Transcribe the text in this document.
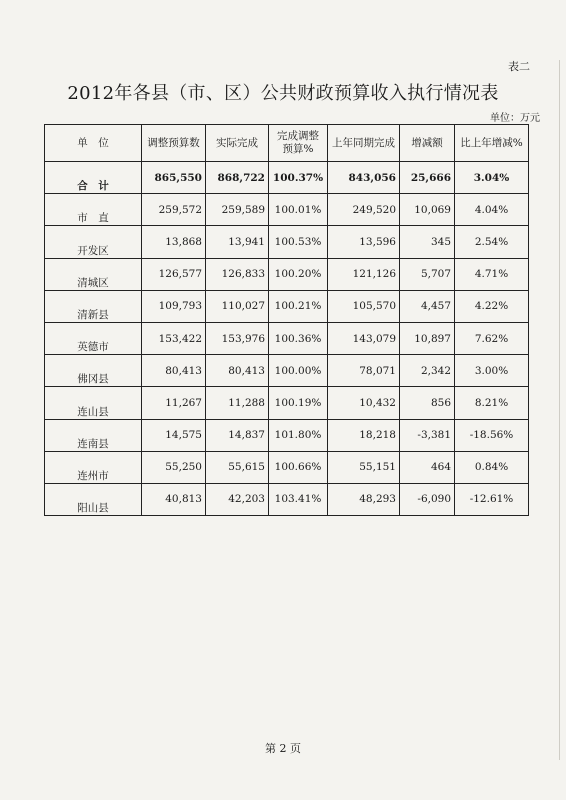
表二
2012年各县（市、区）公共财政预算收入执行情况表
单位：万元
单　位	调整预算数	实际完成	完成调整预算%	上年同期完成	增减额	比上年增减%
合　计	865,550	868,722	100.37%	843,056	25,666	3.04%
市　直	259,572	259,589	100.01%	249,520	10,069	4.04%
开发区	13,868	13,941	100.53%	13,596	345	2.54%
清城区	126,577	126,833	100.20%	121,126	5,707	4.71%
清新县	109,793	110,027	100.21%	105,570	4,457	4.22%
英德市	153,422	153,976	100.36%	143,079	10,897	7.62%
佛冈县	80,413	80,413	100.00%	78,071	2,342	3.00%
连山县	11,267	11,288	100.19%	10,432	856	8.21%
连南县	14,575	14,837	101.80%	18,218	-3,381	-18.56%
连州市	55,250	55,615	100.66%	55,151	464	0.84%
阳山县	40,813	42,203	103.41%	48,293	-6,090	-12.61%
第 2 页
